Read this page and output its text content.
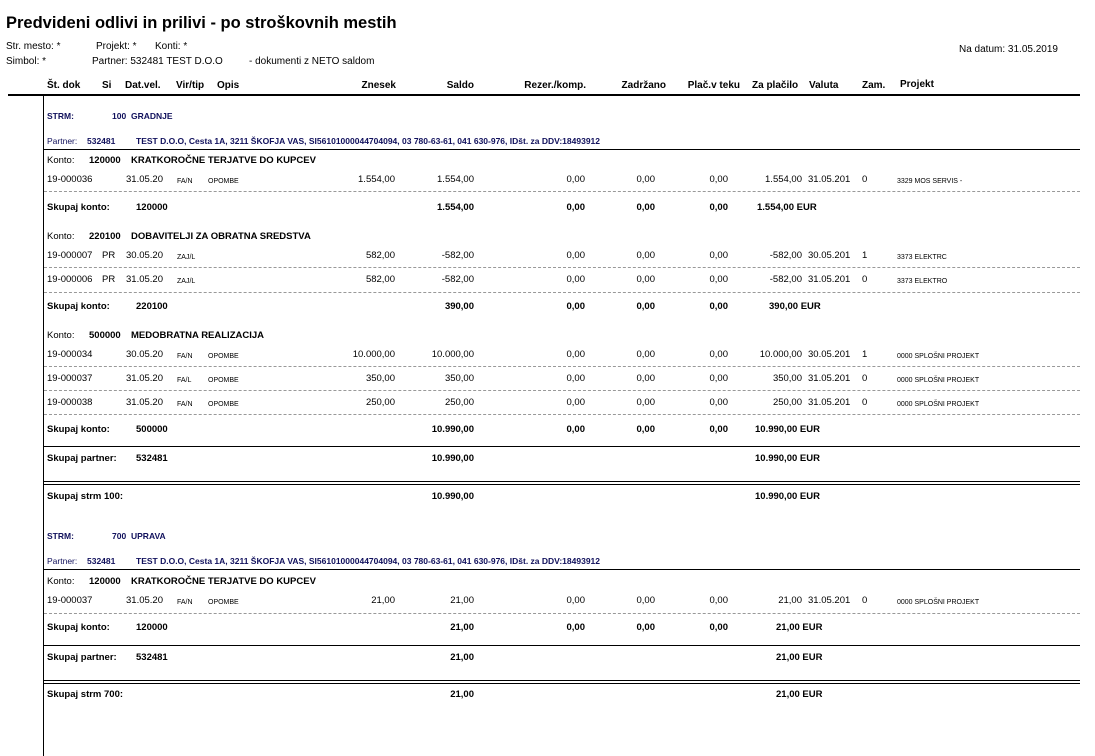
Predvideni odlivi in prilivi - po stroškovnih mestih
Str. mesto: *	Projekt: * Konti: *
Simbol: *	Partner: 532481 TEST D.O.O	- dokumenti z NETO saldom
Na datum: 31.05.2019
Št. dok Si Dat.vel. Vir/tip Opis	Znesek	Saldo	Rezer./komp.	Zadržano	Plač.v teku Za plačilo Valuta Zam. Projekt
STRM:	100 GRADNJE
Partner: 532481 TEST D.O.O, Cesta 1A, 3211 ŠKOFJA VAS, SI56101000044704094, 03 780-63-61, 041 630-976, IDšt. za DDV:18493912
Konto: 120000 KRATKOROČNE TERJATVE DO KUPCEV
19-000036	31.05.20 FA/N OPOMBE	1.554,00	1.554,00	0,00	0,00	0,00	1.554,00 31.05.201 0	3329 MOS SERVIS -
Skupaj konto:	120000	1.554,00	0,00	0,00	0,00	1.554,00 EUR
Konto: 220100 DOBAVITELJI ZA OBRATNA SREDSTVA
19-000007 PR 30.05.20 ZAJ/L	582,00	-582,00	0,00	0,00	0,00	-582,00 30.05.201 1	3373 ELEKTRC
19-000006 PR 31.05.20 ZAJ/L	582,00	-582,00	0,00	0,00	0,00	-582,00 31.05.201 0	3373 ELEKTRO
Skupaj konto:	220100	390,00	0,00	0,00	0,00	390,00 EUR
Konto: 500000 MEDOBRATNA REALIZACIJA
19-000034	30.05.20 FA/N OPOMBE	10.000,00	10.000,00	0,00	0,00	0,00	10.000,00 30.05.201 1	0000 SPLOŠNI PROJEKT
19-000037	31.05.20 FA/L OPOMBE	350,00	350,00	0,00	0,00	0,00	350,00 31.05.201 0	0000 SPLOŠNI PROJEKT
19-000038	31.05.20 FA/N OPOMBE	250,00	250,00	0,00	0,00	0,00	250,00 31.05.201 0	0000 SPLOŠNI PROJEKT
Skupaj konto:	500000	10.990,00	0,00	0,00	0,00	10.990,00 EUR
Skupaj partner: 532481	10.990,00	10.990,00 EUR
Skupaj strm 100:	10.990,00	10.990,00 EUR
STRM:	700 UPRAVA
Partner: 532481 TEST D.O.O, Cesta 1A, 3211 ŠKOFJA VAS, SI56101000044704094, 03 780-63-61, 041 630-976, IDšt. za DDV:18493912
Konto: 120000 KRATKOROČNE TERJATVE DO KUPCEV
19-000037	31.05.20 FA/N OPOMBE	21,00	21,00	0,00	0,00	0,00	21,00 31.05.201 0	0000 SPLOŠNI PROJEKT
Skupaj konto:	120000	21,00	0,00	0,00	0,00	21,00 EUR
Skupaj partner: 532481	21,00	21,00 EUR
Skupaj strm 700:	21,00	21,00 EUR
